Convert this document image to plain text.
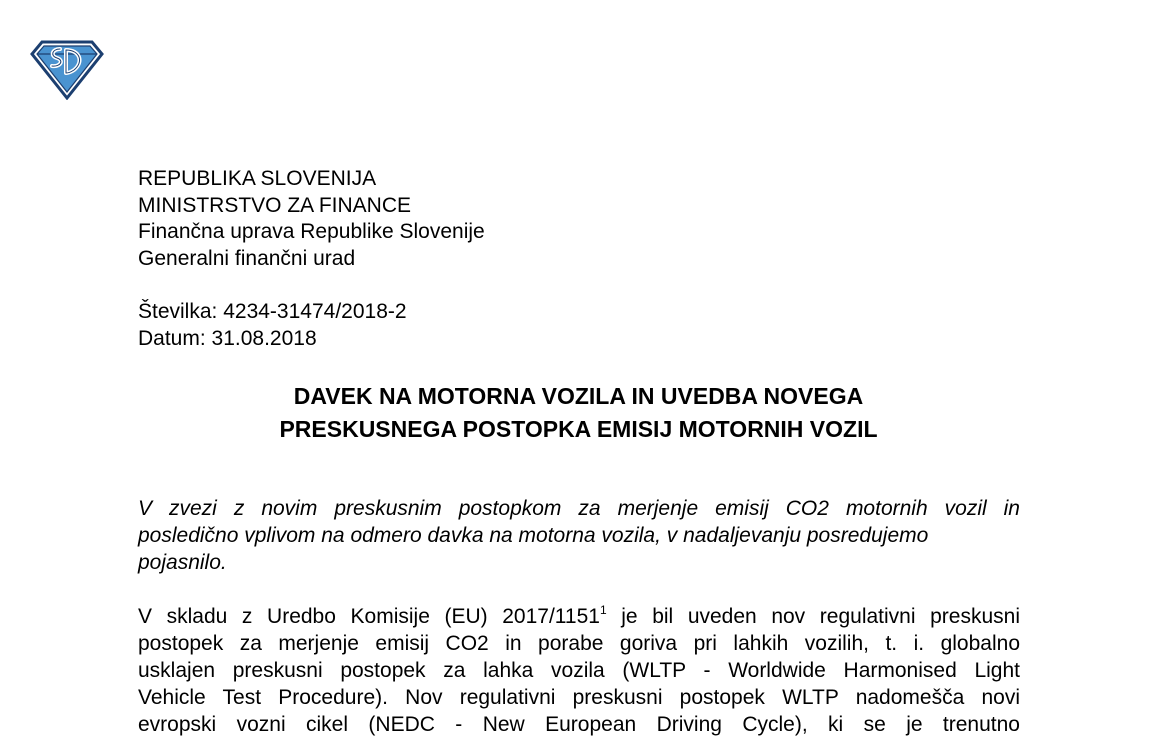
REPUBLIKA SLOVENIJA
MINISTRSTVO ZA FINANCE
Finančna uprava Republike Slovenije
Generalni finančni urad
Številka: 4234-31474/2018-2
Datum: 31.08.2018
DAVEK NA MOTORNA VOZILA IN UVEDBA NOVEGA
PRESKUSNEGA POSTOPKA EMISIJ MOTORNIH VOZIL
V zvezi z novim preskusnim postopkom za merjenje emisij CO2 motornih vozil in
posledično vplivom na odmero davka na motorna vozila, v nadaljevanju posredujemo
pojasnilo.
V skladu z Uredbo Komisije (EU) 2017/1151$^1$ je bil uveden nov regulativni preskusni
postopek za merjenje emisij CO2 in porabe goriva pri lahkih vozilih, t. i. globalno
usklajen preskusni postopek za lahka vozila (WLTP - Worldwide Harmonised Light
Vehicle Test Procedure). Nov regulativni preskusni postopek WLTP nadomešča novi
evropski vozni cikel (NEDC - New European Driving Cycle), ki se je trenutno
